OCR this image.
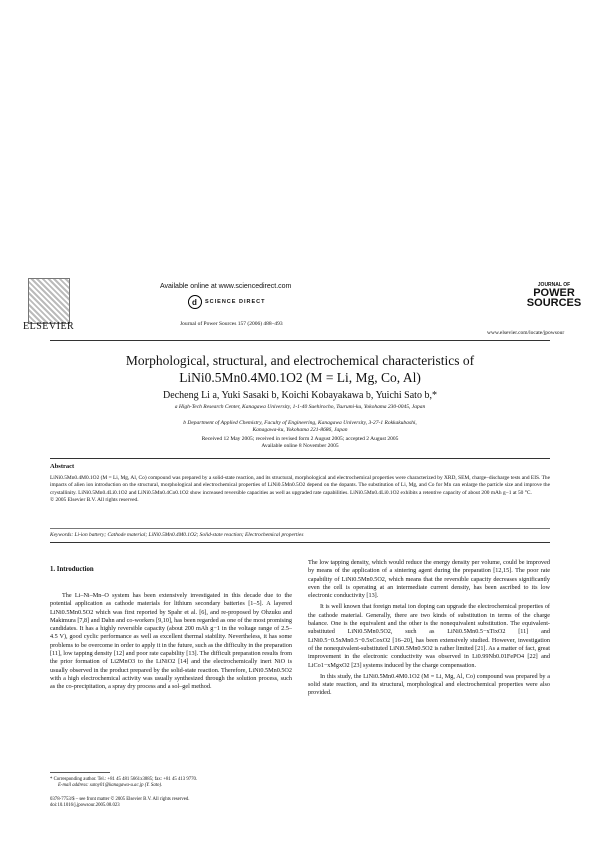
ELSEVIER
Available online at www.sciencedirect.com
d	SCIENCE DIRECT
Journal of Power Sources 157 (2006) 488–493
JOURNAL OF
POWER
SOURCES
www.elsevier.com/locate/jpowsour
Morphological, structural, and electrochemical characteristics of
LiNi0.5Mn0.4M0.1O2 (M = Li, Mg, Co, Al)
Decheng Li a, Yuki Sasaki b, Koichi Kobayakawa b, Yuichi Sato b,*
a High-Tech Research Center, Kanagawa University, 1-1-40 Suehirocho, Tsurumi-ku, Yokohama 230-0045, Japan
b Department of Applied Chemistry, Faculty of Engineering, Kanagawa University, 3-27-1 Rokkakubashi, Kanagawa-ku, Yokohama 221-8686, Japan
Received 12 May 2005; received in revised form 2 August 2005; accepted 2 August 2005
Available online 8 November 2005
Abstract
LiNi0.5Mn0.4M0.1O2 (M = Li, Mg, Al, Co) compound was prepared by a solid-state reaction, and its structural, morphological and electrochemical properties were characterized by XRD, SEM, charge–discharge tests and EIS. The impacts of alien ion introduction on the structural, morphological and electrochemical properties of LiNi0.5Mn0.5O2 depend on the dopants. The substitution of Li, Mg, and Co for Mn can enlarge the particle size and improve the crystallinity. LiNi0.5Mn0.4Li0.1O2 and LiNi0.5Mn0.4Co0.1O2 show increased reversible capacities as well as upgraded rate capabilities. LiNi0.5Mn0.4Li0.1O2 exhibits a retentive capacity of about 200 mAh g−1 at 50 °C.
© 2005 Elsevier B.V. All rights reserved.
Keywords: Li-ion battery; Cathode material; LiNi0.5Mn0.4M0.1O2; Solid-state reaction; Electrochemical properties
1. Introduction

The Li–Ni–Mn–O system has been extensively investigated in this decade due to the potential application as cathode materials for lithium secondary batteries [1–5]. A layered LiNi0.5Mn0.5O2 which was first reported by Spahr et al. [6], and re-proposed by Ohzuku and Makimura [7,8] and Dahn and co-workers [9,10], has been regarded as one of the most promising candidates. It has a highly reversible capacity (about 200 mAh g−1 in the voltage range of 2.5–4.5 V), good cyclic performance as well as excellent thermal stability. Nevertheless, it has some problems to be overcome in order to apply it in the future, such as the difficulty in the preparation [11], low tapping density [12] and poor rate capability [13]. The difficult preparation results from the prior formation of Li2MnO3 to the LiNiO2 [14] and the electrochemically inert NiO is usually observed in the product prepared by the solid-state reaction. Therefore, LiNi0.5Mn0.5O2 with a high electrochemical activity was usually synthesized through the solution process, such as the co-precipitation, a spray dry process and a sol–gel method.

The low tapping density, which would reduce the energy density per volume, could be improved by means of the application of a sintering agent during the preparation [12,15]. The poor rate capability of LiNi0.5Mn0.5O2, which means that the reversible capacity decreases significantly even the cell is operating at an intermediate current density, has been ascribed to its low electronic conductivity [13].

It is well known that foreign metal ion doping can upgrade the electrochemical properties of the cathode material. Generally, there are two kinds of substitution in terms of the charge balance. One is the equivalent and the other is the nonequivalent substitution. The equivalent-substituted LiNi0.5Mn0.5O2, such as LiNi0.5Mn0.5−xTixO2 [11] and LiNi0.5−0.5xMn0.5−0.5xCoxO2 [16–20], has been extensively studied. However, investigation of the nonequivalent-substituted LiNi0.5Mn0.5O2 is rather limited [21]. As a matter of fact, great improvement in the electronic conductivity was observed in Li0.99Nb0.01FePO4 [22] and LiCo1−xMgxO2 [23] systems induced by the charge compensation.

In this study, the LiNi0.5Mn0.4M0.1O2 (M = Li, Mg, Al, Co) compound was prepared by a solid state reaction, and its structural, morphological and electrochemical properties were also provided.

* Corresponding author. Tel.: +81 45 481 5661x3885; fax: +81 45 413 9770.
E-mail address: satoy01@kanagawa-u.ac.jp (Y. Sato).
0378-7753/$ – see front matter © 2005 Elsevier B.V. All rights reserved.
doi:10.1016/j.jpowsour.2005.08.023
